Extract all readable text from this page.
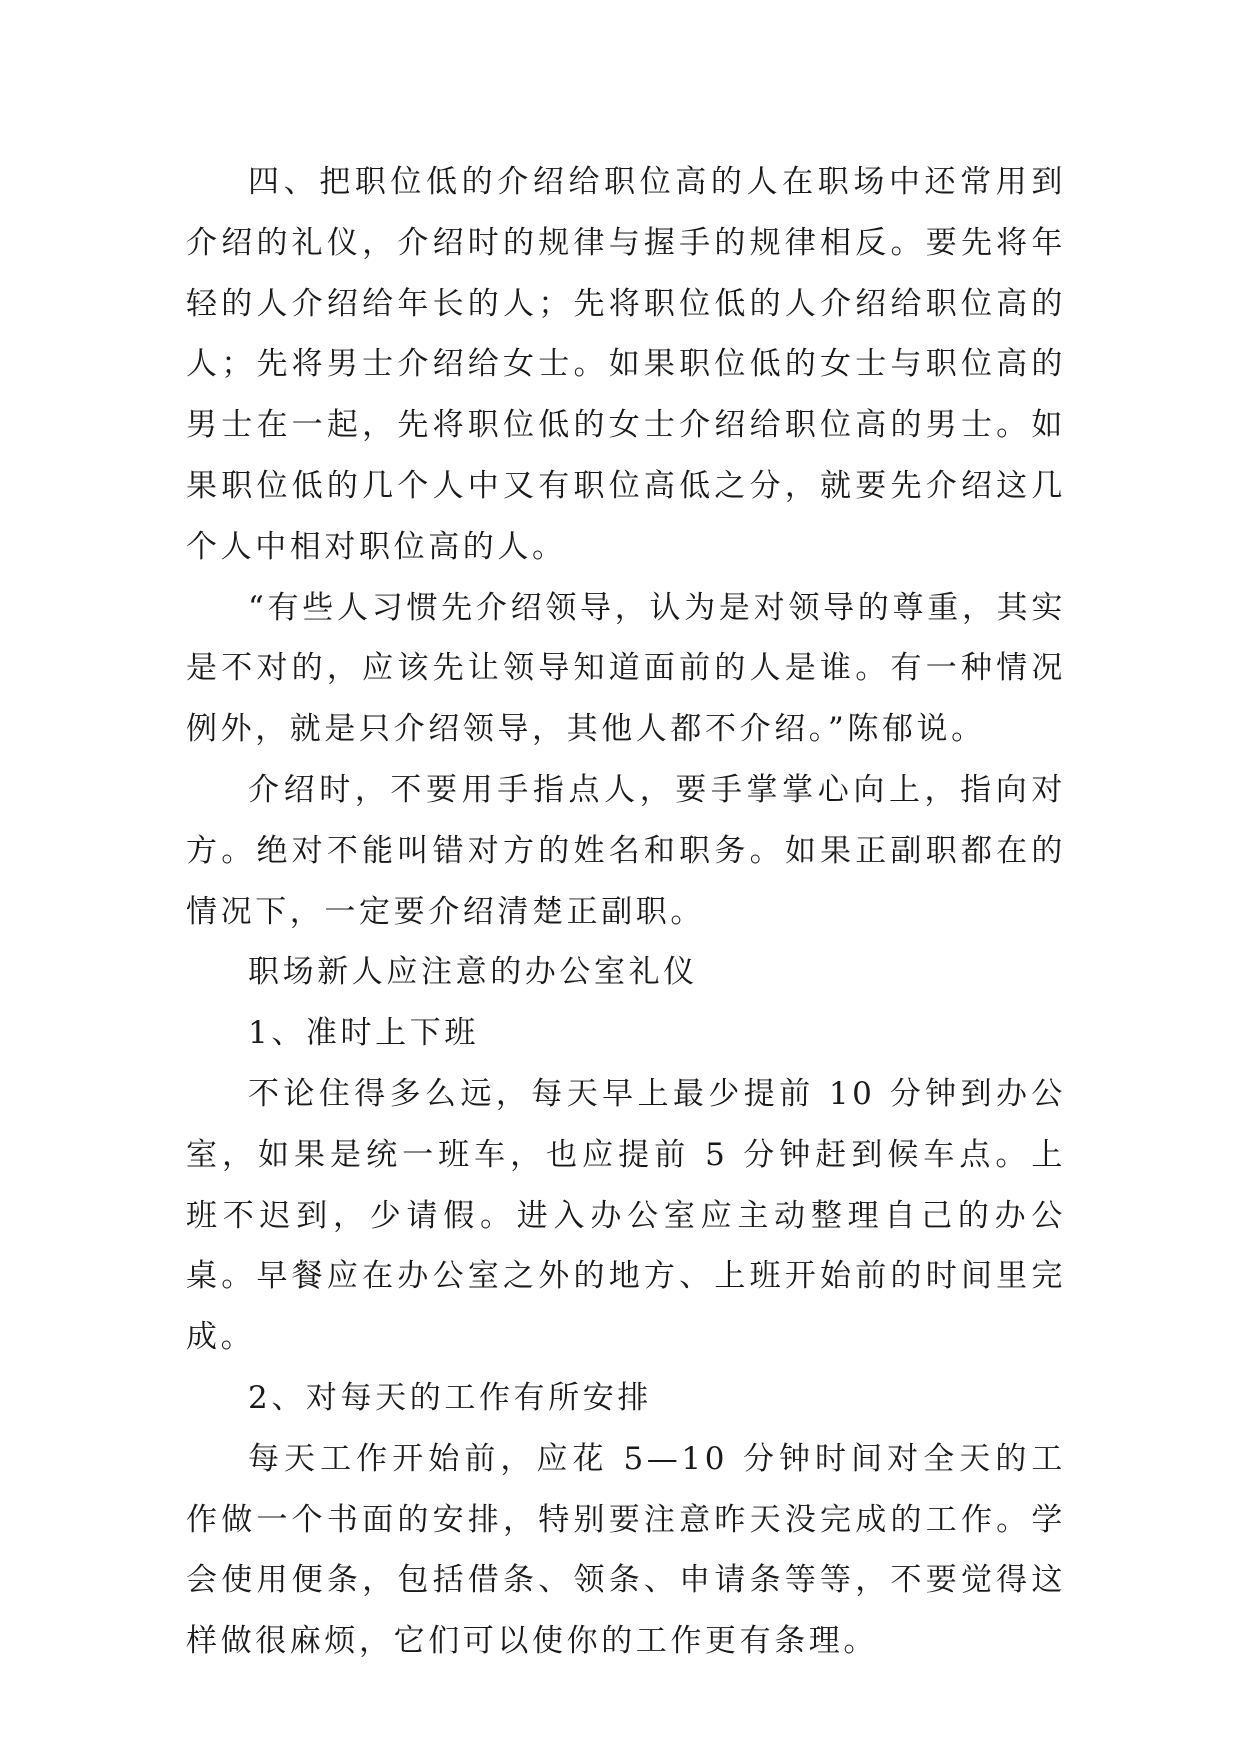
四、把职位低的介绍给职位高的人在职场中还常用到介绍的礼仪，介绍时的规律与握手的规律相反。要先将年轻的人介绍给年长的人；先将职位低的人介绍给职位高的人；先将男士介绍给女士。如果职位低的女士与职位高的男士在一起，先将职位低的女士介绍给职位高的男士。如果职位低的几个人中又有职位高低之分，就要先介绍这几个人中相对职位高的人。

“有些人习惯先介绍领导，认为是对领导的尊重，其实是不对的，应该先让领导知道面前的人是谁。有一种情况例外，就是只介绍领导，其他人都不介绍。”陈郁说。

介绍时，不要用手指点人，要手掌掌心向上，指向对方。绝对不能叫错对方的姓名和职务。如果正副职都在的情况下，一定要介绍清楚正副职。

职场新人应注意的办公室礼仪

1、准时上下班

不论住得多么远，每天早上最少提前 10 分钟到办公室，如果是统一班车，也应提前 5 分钟赶到候车点。上班不迟到，少请假。进入办公室应主动整理自己的办公桌。早餐应在办公室之外的地方、上班开始前的时间里完成。

2、对每天的工作有所安排

每天工作开始前，应花 5—10 分钟时间对全天的工作做一个书面的安排，特别要注意昨天没完成的工作。学会使用便条，包括借条、领条、申请条等等，不要觉得这样做很麻烦，它们可以使你的工作更有条理。
